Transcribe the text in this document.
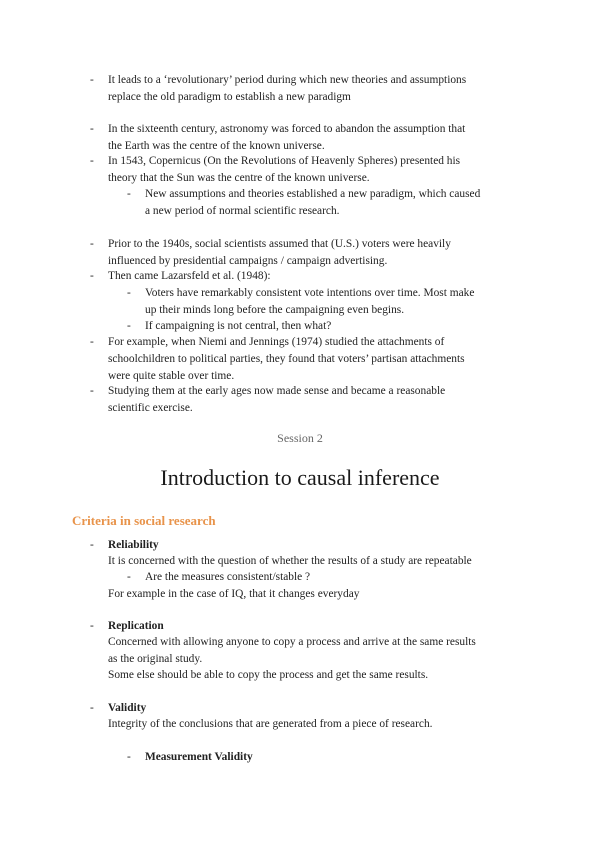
-	It leads to a ‘revolutionary’ period during which new theories and assumptions
replace the old paradigm to establish a new paradigm
-	In the sixteenth century, astronomy was forced to abandon the assumption that
the Earth was the centre of the known universe.
-	In 1543, Copernicus (On the Revolutions of Heavenly Spheres) presented his
theory that the Sun was the centre of the known universe.
-	New assumptions and theories established a new paradigm, which caused
a new period of normal scientific research.
-	Prior to the 1940s, social scientists assumed that (U.S.) voters were heavily
influenced by presidential campaigns / campaign advertising.
-	Then came Lazarsfeld et al. (1948):
-	Voters have remarkably consistent vote intentions over time. Most make
up their minds long before the campaigning even begins.
-	If campaigning is not central, then what?
-	For example, when Niemi and Jennings (1974) studied the attachments of
schoolchildren to political parties, they found that voters’ partisan attachments
were quite stable over time.
-	Studying them at the early ages now made sense and became a reasonable
scientific exercise.
Session 2
Introduction to causal inference
Criteria in social research
-	Reliability
It is concerned with the question of whether the results of a study are repeatable
-	Are the measures consistent/stable ?
For example in the case of IQ, that it changes everyday
-	Replication
Concerned with allowing anyone to copy a process and arrive at the same results
as the original study.
Some else should be able to copy the process and get the same results.
-	Validity
Integrity of the conclusions that are generated from a piece of research.
-	Measurement Validity
